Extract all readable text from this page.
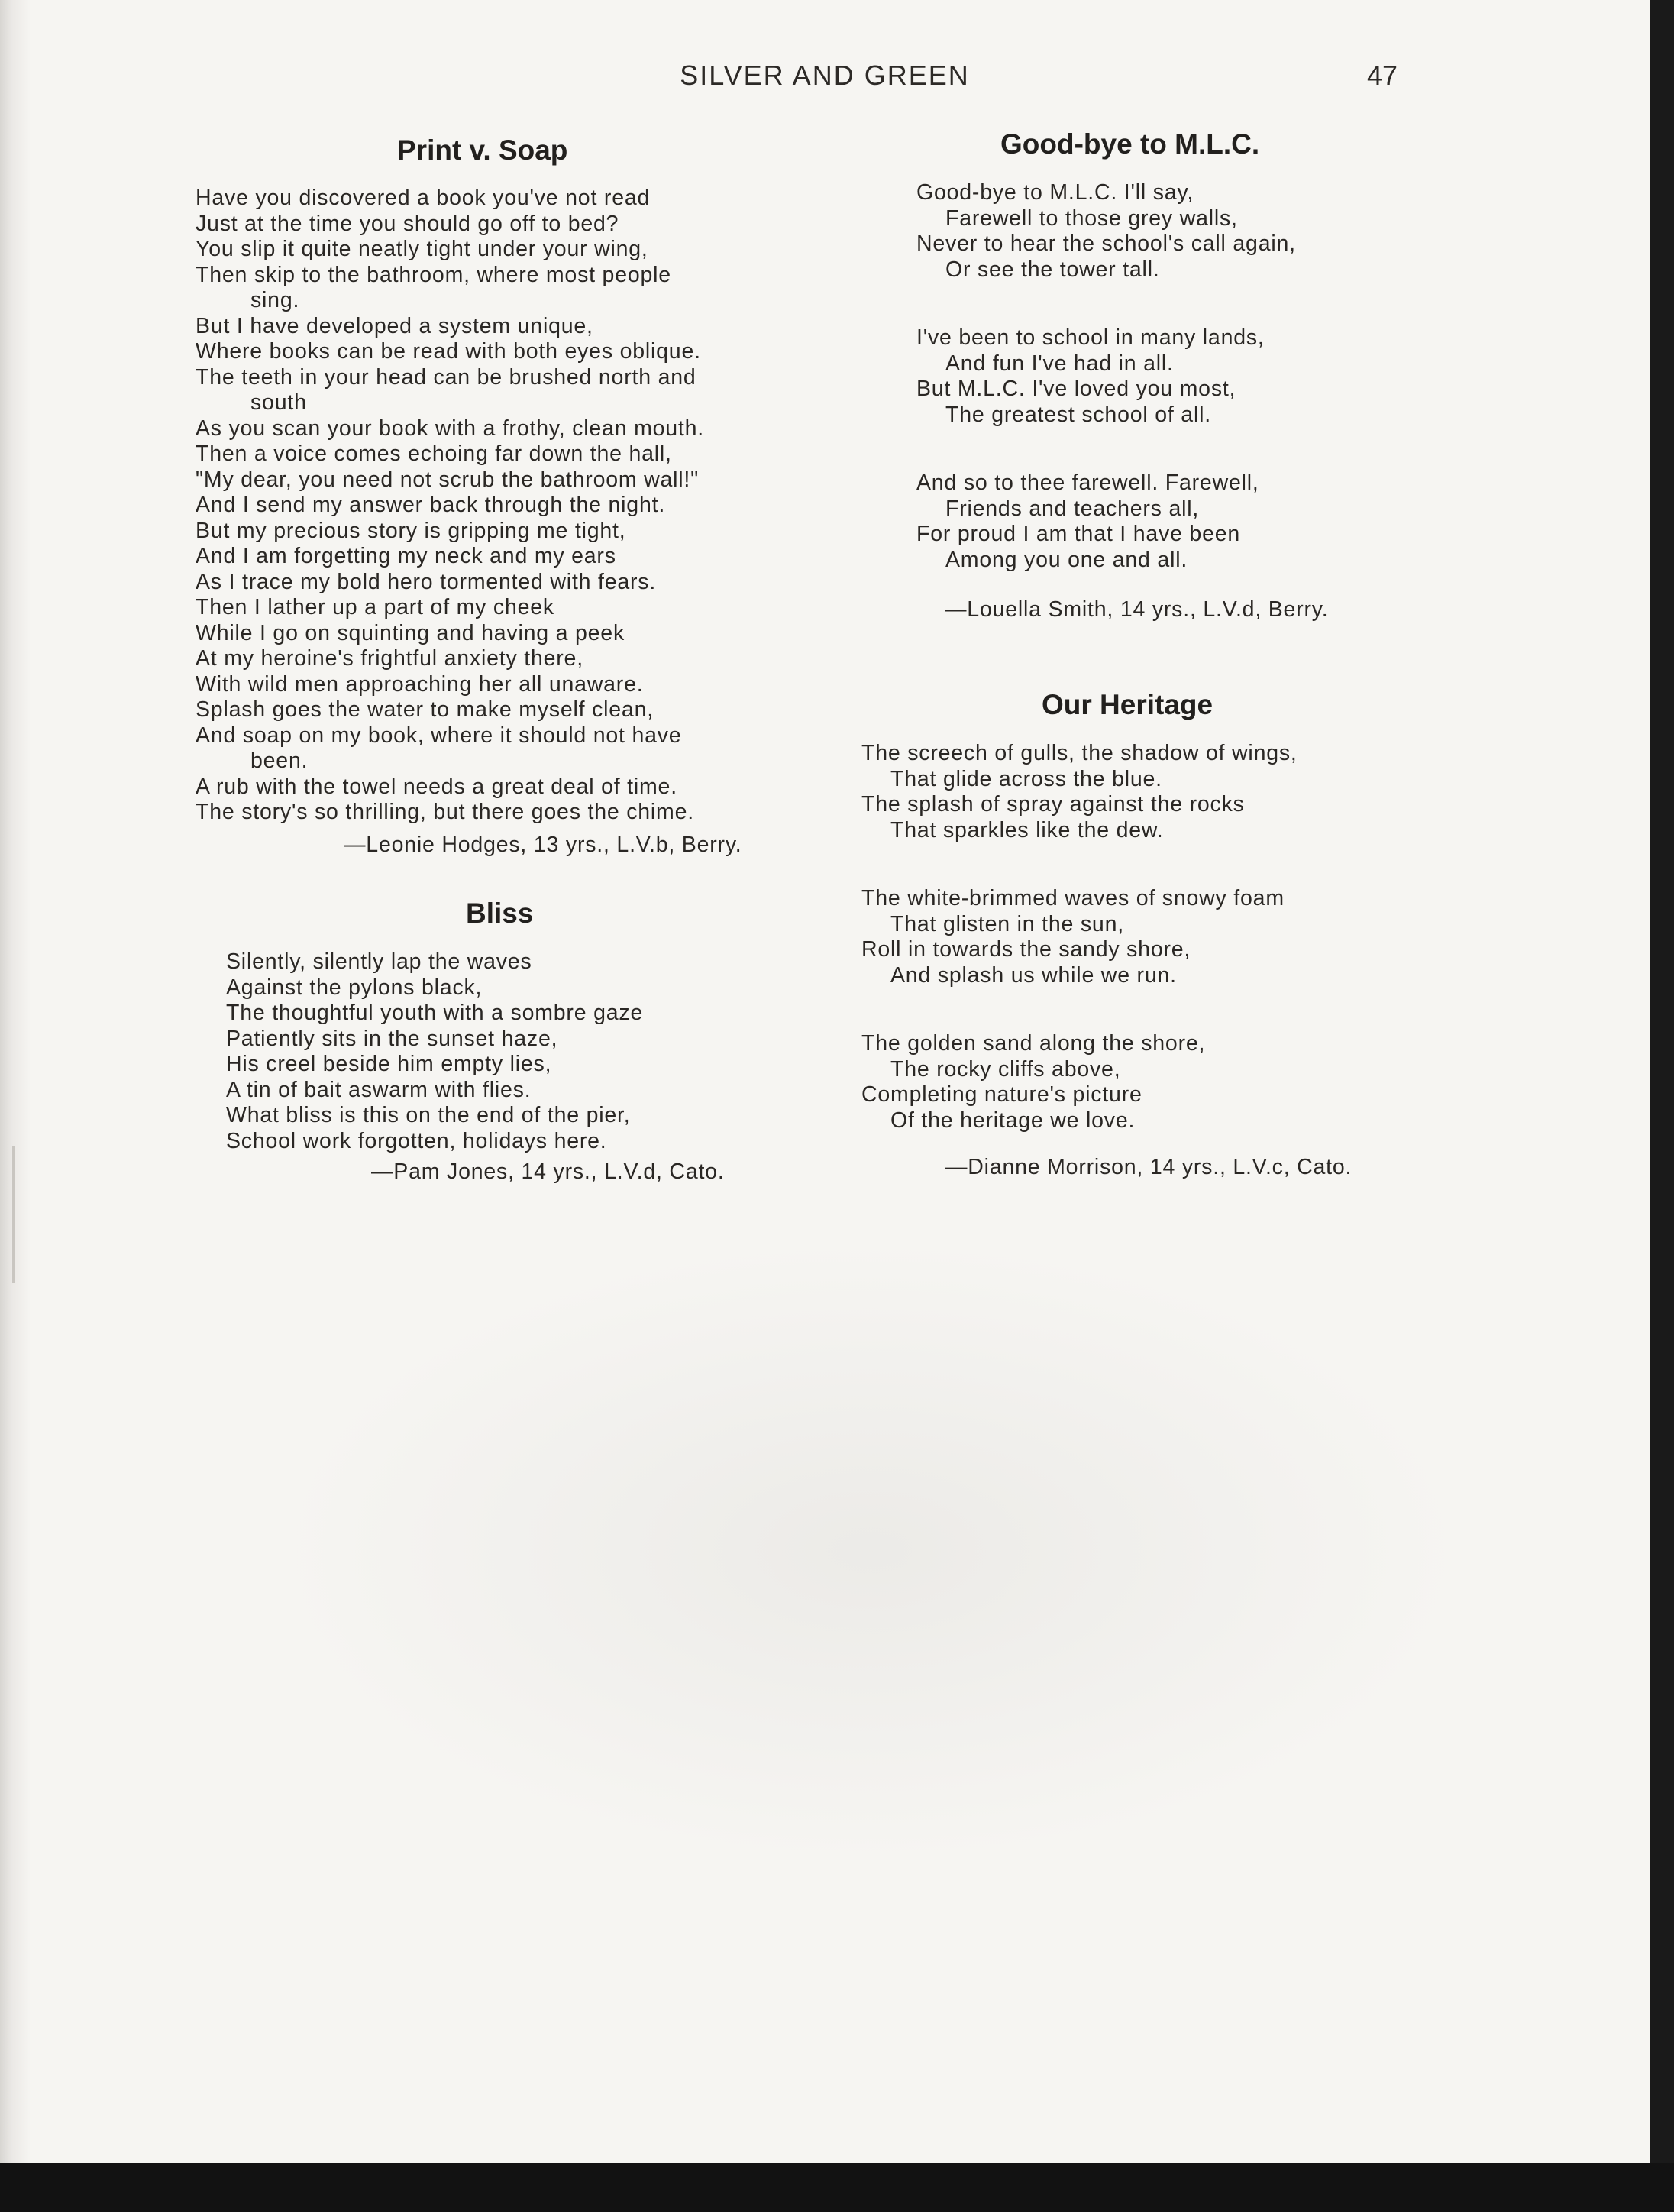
SILVER AND GREEN	47
Print v. Soap
Have you discovered a book you've not read
Just at the time you should go off to bed?
You slip it quite neatly tight under your wing,
Then skip to the bathroom, where most people
sing.
But I have developed a system unique,
Where books can be read with both eyes oblique.
The teeth in your head can be brushed north and
south
As you scan your book with a frothy, clean mouth.
Then a voice comes echoing far down the hall,
"My dear, you need not scrub the bathroom wall!"
And I send my answer back through the night.
But my precious story is gripping me tight,
And I am forgetting my neck and my ears
As I trace my bold hero tormented with fears.
Then I lather up a part of my cheek
While I go on squinting and having a peek
At my heroine's frightful anxiety there,
With wild men approaching her all unaware.
Splash goes the water to make myself clean,
And soap on my book, where it should not have
been.
A rub with the towel needs a great deal of time.
The story's so thrilling, but there goes the chime.
—Leonie Hodges, 13 yrs., L.V.b, Berry.
Bliss
Silently, silently lap the waves
Against the pylons black,
The thoughtful youth with a sombre gaze
Patiently sits in the sunset haze,
His creel beside him empty lies,
A tin of bait aswarm with flies.
What bliss is this on the end of the pier,
School work forgotten, holidays here.
—Pam Jones, 14 yrs., L.V.d, Cato.
Good-bye to M.L.C.
Good-bye to M.L.C. I'll say,
Farewell to those grey walls,
Never to hear the school's call again,
Or see the tower tall.
I've been to school in many lands,
And fun I've had in all.
But M.L.C. I've loved you most,
The greatest school of all.
And so to thee farewell. Farewell,
Friends and teachers all,
For proud I am that I have been
Among you one and all.
—Louella Smith, 14 yrs., L.V.d, Berry.
Our Heritage
The screech of gulls, the shadow of wings,
That glide across the blue.
The splash of spray against the rocks
That sparkles like the dew.
The white-brimmed waves of snowy foam
That glisten in the sun,
Roll in towards the sandy shore,
And splash us while we run.
The golden sand along the shore,
The rocky cliffs above,
Completing nature's picture
Of the heritage we love.
—Dianne Morrison, 14 yrs., L.V.c, Cato.
